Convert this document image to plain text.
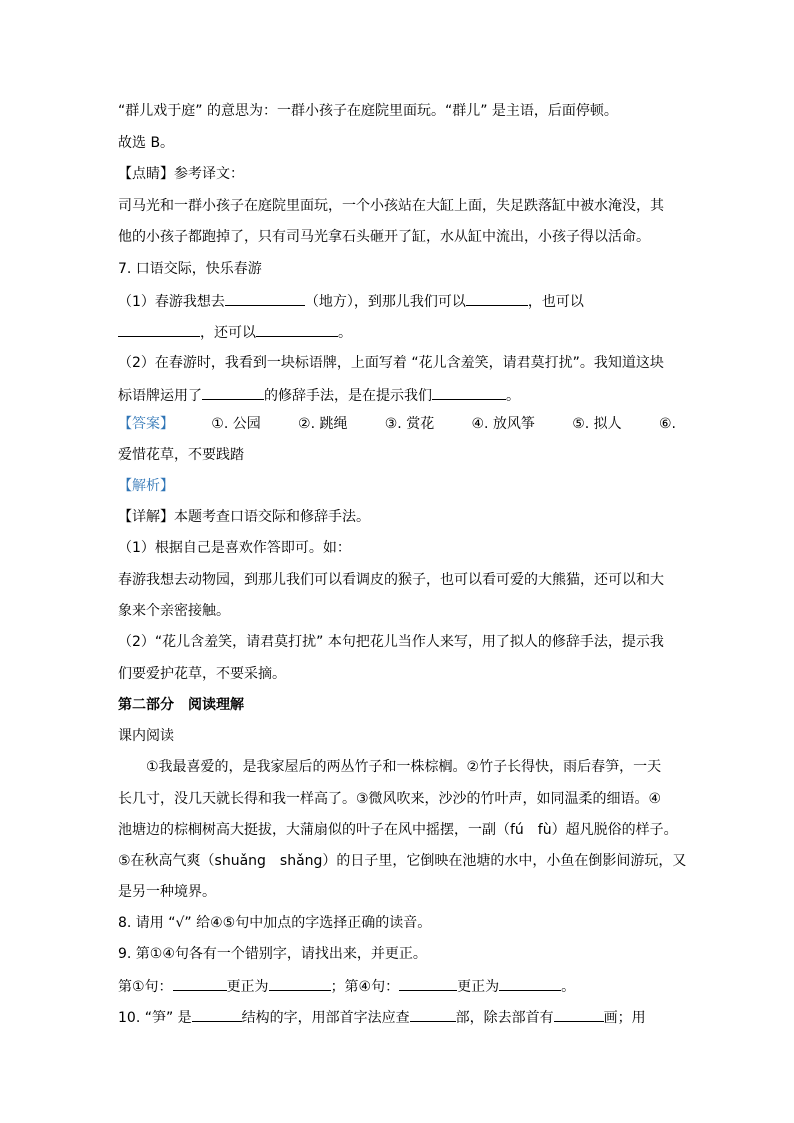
“群儿戏于庭” 的意思为：一群小孩子在庭院里面玩。“群儿” 是主语，后面停顿。
故选 B。
【点睛】参考译文：
司马光和一群小孩子在庭院里面玩，一个小孩站在大缸上面，失足跌落缸中被水淹没，其
他的小孩子都跑掉了，只有司马光拿石头砸开了缸，水从缸中流出，小孩子得以活命。
7. 口语交际，快乐春游
（1）春游我想去	（地方），到那儿我们可以	，也可以
，还可以	。
（2）在春游时，我看到一块标语牌，上面写着 “花儿含羞笑，请君莫打扰”。我知道这块
标语牌运用了	的修辞手法，是在提示我们	。
【答案】	①. 公园	②. 跳绳	③. 赏花	④. 放风筝	⑤. 拟人	⑥.
爱惜花草，不要践踏
【解析】
【详解】本题考查口语交际和修辞手法。
（1）根据自己是喜欢作答即可。如：
春游我想去动物园，到那儿我们可以看调皮的猴子，也可以看可爱的大熊猫，还可以和大
象来个亲密接触。
（2）“花儿含羞笑，请君莫打扰” 本句把花儿当作人来写，用了拟人的修辞手法，提示我
们要爱护花草，不要采摘。
第二部分　阅读理解
课内阅读
①我最喜爱的，是我家屋后的两丛竹子和一株棕榈。②竹子长得快，雨后春笋，一天
长几寸，没几天就长得和我一样高了。③微风吹来，沙沙的竹叶声，如同温柔的细语。④
池塘边的棕榈树高大挺拔，大蒲扇似的叶子在风中摇摆，一副（fú　fù）超凡脱俗的样子。
⑤在秋高气爽（shuǎng　shǎng）的日子里，它倒映在池塘的水中，小鱼在倒影间游玩，又
是另一种境界。
8. 请用 “√” 给④⑤句中加点的字选择正确的读音。
9. 第①④句各有一个错别字，请找出来，并更正。
第①句：	更正为	；第④句：	更正为	。
10. “笋” 是	结构的字，用部首字法应查	部，除去部首有	画；用
